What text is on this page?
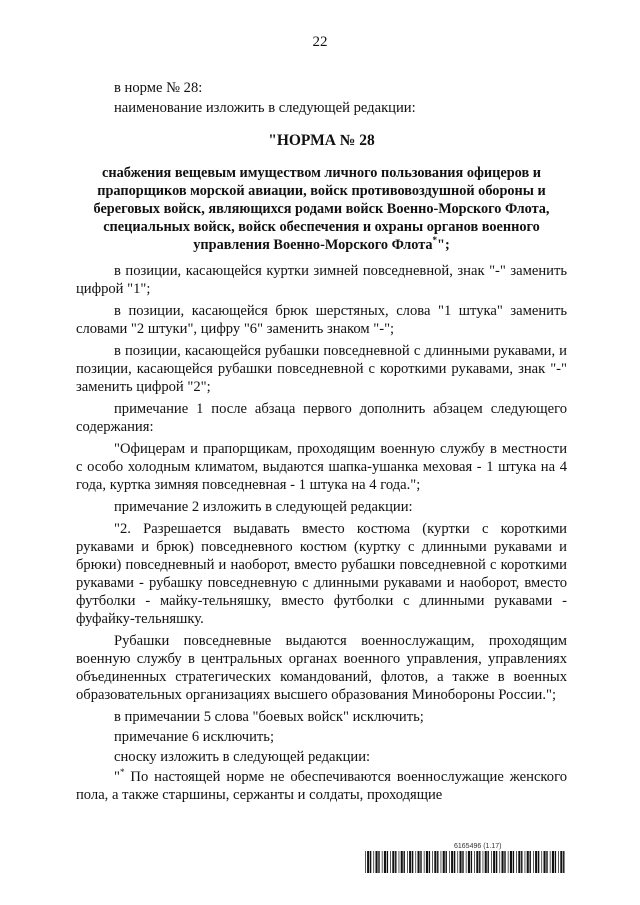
22

в норме № 28:

наименование изложить в следующей редакции:

"НОРМА № 28

снабжения вещевым имуществом личного пользования офицеров и прапорщиков морской авиации, войск противовоздушной обороны и береговых войск, являющихся родами войск Военно-Морского Флота, специальных войск, войск обеспечения и охраны органов военного управления Военно-Морского Флота*";

в позиции, касающейся куртки зимней повседневной, знак "-" заменить цифрой "1";

в позиции, касающейся брюк шерстяных, слова "1 штука" заменить словами "2 штуки", цифру "6" заменить знаком "-";

в позиции, касающейся рубашки повседневной с длинными рукавами, и позиции, касающейся рубашки повседневной с короткими рукавами, знак "-" заменить цифрой "2";

примечание 1 после абзаца первого дополнить абзацем следующего содержания:

"Офицерам и прапорщикам, проходящим военную службу в местности с особо холодным климатом, выдаются шапка-ушанка меховая - 1 штука на 4 года, куртка зимняя повседневная - 1 штука на 4 года.";

примечание 2 изложить в следующей редакции:

"2. Разрешается выдавать вместо костюма (куртки с короткими рукавами и брюк) повседневного костюм (куртку с длинными рукавами и брюки) повседневный и наоборот, вместо рубашки повседневной с короткими рукавами - рубашку повседневную с длинными рукавами и наоборот, вместо футболки - майку-тельняшку, вместо футболки с длинными рукавами - фуфайку-тельняшку.

Рубашки повседневные выдаются военнослужащим, проходящим военную службу в центральных органах военного управления, управлениях объединенных стратегических командований, флотов, а также в военных образовательных организациях высшего образования Минобороны России.";

в примечании 5 слова "боевых войск" исключить;

примечание 6 исключить;

сноску изложить в следующей редакции:

"* По настоящей норме не обеспечиваются военнослужащие женского пола, а также старшины, сержанты и солдаты, проходящие

6165496 (1.17)
